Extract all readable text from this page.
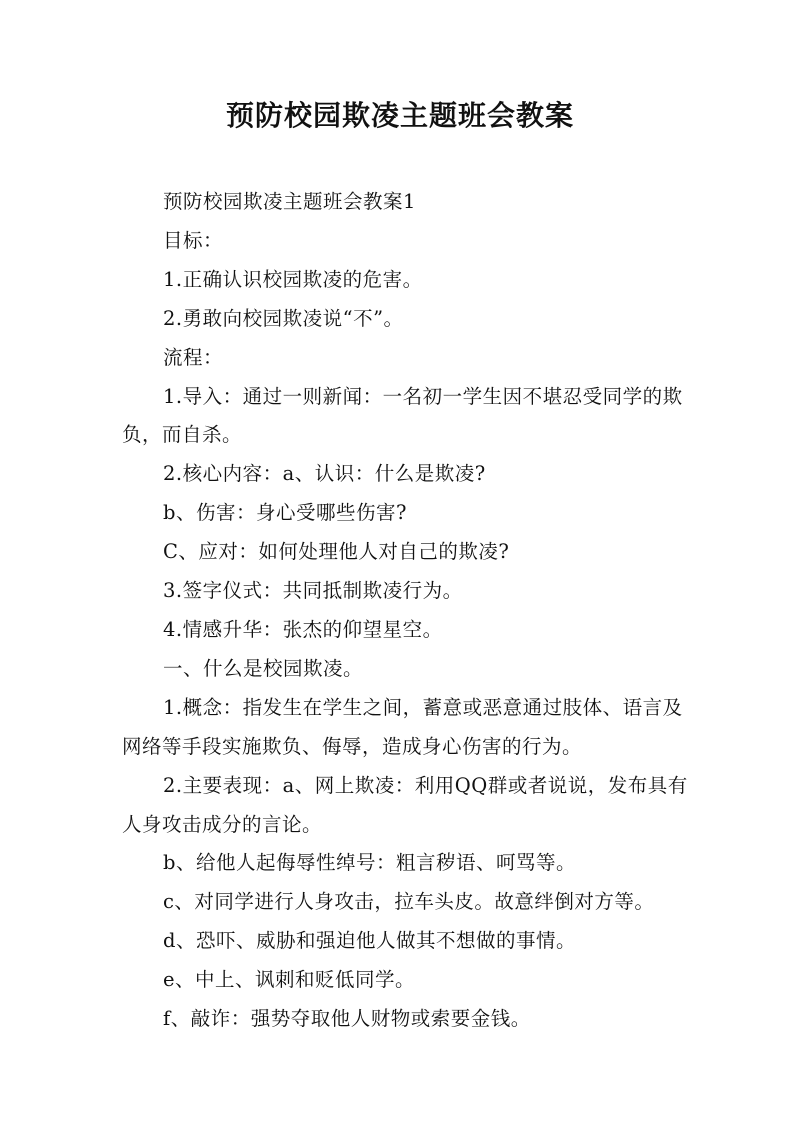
预防校园欺凌主题班会教案

预防校园欺凌主题班会教案1

目标：

1.正确认识校园欺凌的危害。

2.勇敢向校园欺凌说“不”。

流程：

1.导入：通过一则新闻：一名初一学生因不堪忍受同学的欺负，而自杀。

2.核心内容：a、认识：什么是欺凌?

b、伤害：身心受哪些伤害?

C、应对：如何处理他人对自己的欺凌?

3.签字仪式：共同抵制欺凌行为。

4.情感升华：张杰的仰望星空。

一、什么是校园欺凌。

1.概念：指发生在学生之间，蓄意或恶意通过肢体、语言及网络等手段实施欺负、侮辱，造成身心伤害的行为。

2.主要表现：a、网上欺凌：利用QQ群或者说说，发布具有人身攻击成分的言论。

b、给他人起侮辱性绰号：粗言秽语、呵骂等。

c、对同学进行人身攻击，拉车头皮。故意绊倒对方等。

d、恐吓、威胁和强迫他人做其不想做的事情。

e、中上、讽刺和贬低同学。

f、敲诈：强势夺取他人财物或索要金钱。
